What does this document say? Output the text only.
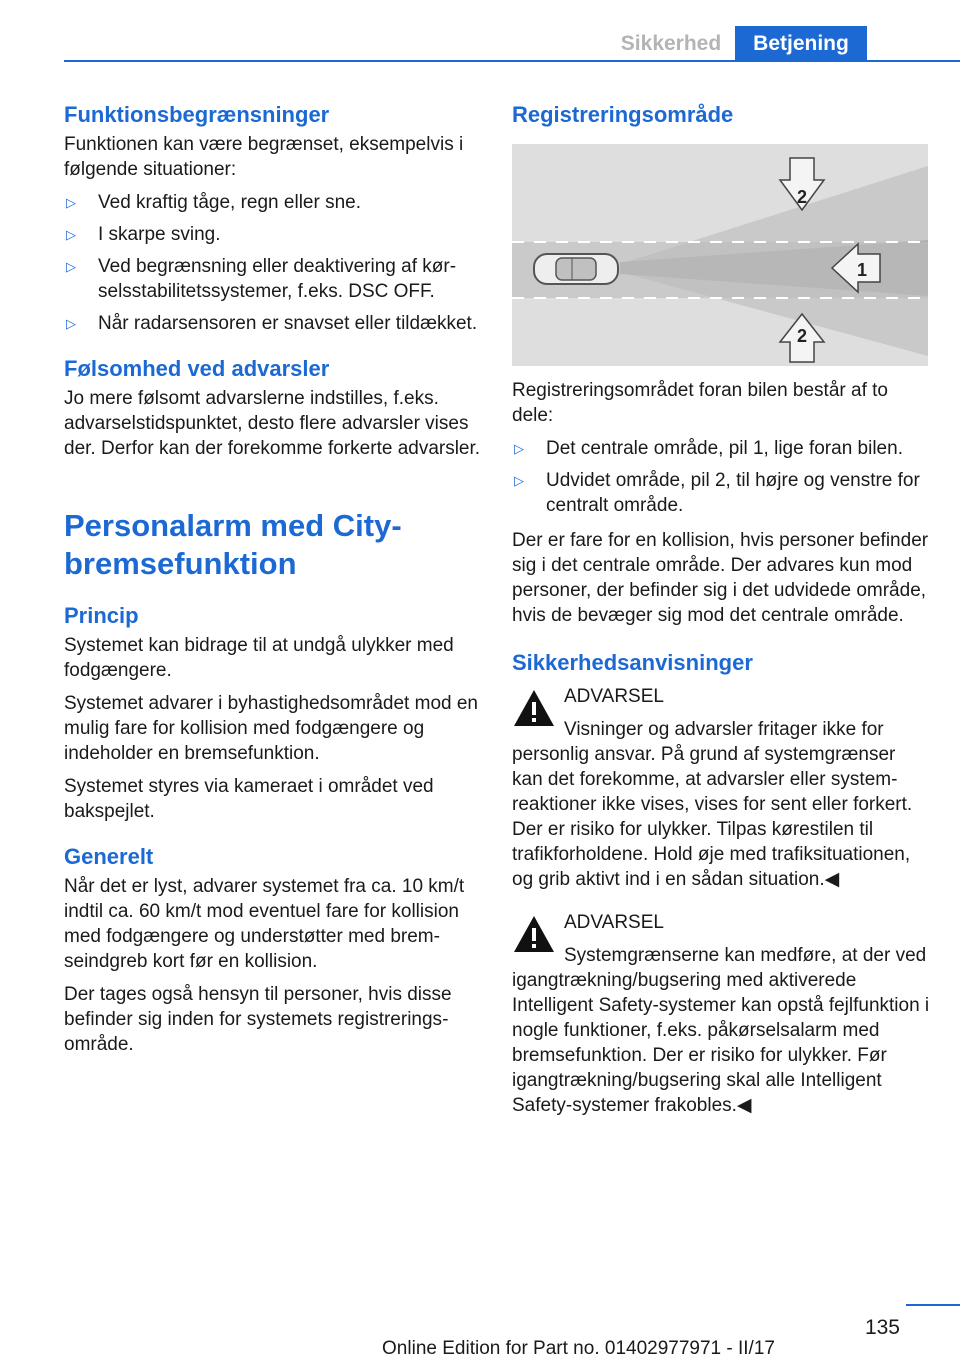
Sikkerhed	Betjening
Funktionsbegrænsninger

Funktionen kan være begrænset, eksempelvis i følgende situationer:

▷ Ved kraftig tåge, regn eller sne.
▷ I skarpe sving.
▷ Ved begrænsning eller deaktivering af kørselsstabilitetssystemer, f.eks. DSC OFF.
▷ Når radarsensoren er snavset eller tildækket.
Følsomhed ved advarsler

Jo mere følsomt advarslerne indstilles, f.eks. advarselstidspunktet, desto flere advarsler vises der. Derfor kan der forekomme forkerte advarsler.

Personalarm med City-bremsefunktion
Princip

Systemet kan bidrage til at undgå ulykker med fodgængere.

Systemet advarer i byhastighedsområdet mod en mulig fare for kollision med fodgængere og indeholder en bremsefunktion.

Systemet styres via kameraet i området ved bakspejlet.

Generelt

Når det er lyst, advarer systemet fra ca. 10 km/t indtil ca. 60 km/t mod eventuel fare for kollision med fodgængere og understøtter med bremseindgreb kort før en kollision.

Der tages også hensyn til personer, hvis disse befinder sig inden for systemets registreringsområde.

Registreringsområde
1
2
2

Registreringsområdet foran bilen består af to dele:

▷ Det centrale område, pil 1, lige foran bilen.
▷ Udvidet område, pil 2, til højre og venstre for centralt område.

Der er fare for en kollision, hvis personer befinder sig i det centrale område. Der advares kun mod personer, der befinder sig i det udvidede område, hvis de bevæger sig mod det centrale område.

Sikkerhedsanvisninger
ADVARSEL

Visninger og advarsler fritager ikke for personlig ansvar. På grund af systemgrænser kan det forekomme, at advarsler eller systemreaktioner ikke vises, vises for sent eller forkert. Der er risiko for ulykker. Tilpas kørestilen til trafikforholdene. Hold øje med trafiksituationen, og grib aktivt ind i en sådan situation.◀

ADVARSEL

Systemgrænserne kan medføre, at der ved igangtrækning/bugsering med aktiverede Intelligent Safety-systemer kan opstå fejlfunktion i nogle funktioner, f.eks. påkørselsalarm med bremsefunktion. Der er risiko for ulykker. Før igangtrækning/bugsering skal alle Intelligent Safety-systemer frakobles.◀

135
Online Edition for Part no. 01402977971 - II/17
